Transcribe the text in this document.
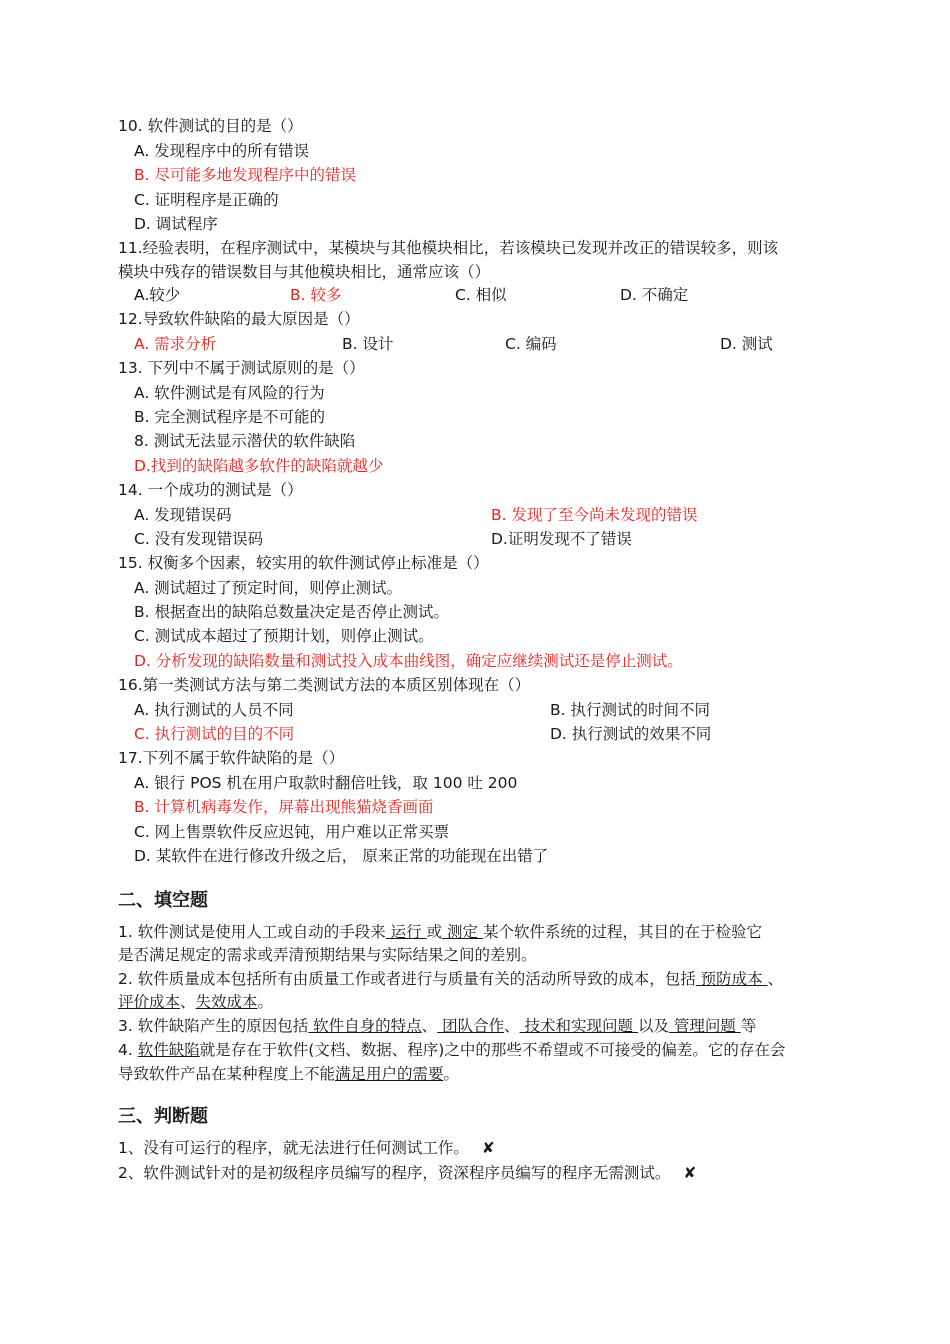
10. 软件测试的目的是（）
A. 发现程序中的所有错误
B. 尽可能多地发现程序中的错误
C. 证明程序是正确的
D. 调试程序
11.经验表明，在程序测试中，某模块与其他模块相比，若该模块已发现并改正的错误较多，则该
模块中残存的错误数目与其他模块相比，通常应该（）
A.较少	B. 较多	C. 相似	D. 不确定
12.导致软件缺陷的最大原因是（）
A. 需求分析	B. 设计	C. 编码	D. 测试
13. 下列中不属于测试原则的是（）
A. 软件测试是有风险的行为
B. 完全测试程序是不可能的
8. 测试无法显示潜伏的软件缺陷
D.找到的缺陷越多软件的缺陷就越少
14. 一个成功的测试是（）
A. 发现错误码	B. 发现了至今尚未发现的错误
C. 没有发现错误码	D.证明发现不了错误
15. 权衡多个因素，较实用的软件测试停止标准是（）
A. 测试超过了预定时间，则停止测试。
B. 根据查出的缺陷总数量决定是否停止测试。
C. 测试成本超过了预期计划，则停止测试。
D. 分析发现的缺陷数量和测试投入成本曲线图，确定应继续测试还是停止测试。
16.第一类测试方法与第二类测试方法的本质区别体现在（）
A. 执行测试的人员不同	B. 执行测试的时间不同
C. 执行测试的目的不同	D. 执行测试的效果不同
17.下列不属于软件缺陷的是（）
A. 银行 POS 机在用户取款时翻倍吐钱，取 100 吐 200
B. 计算机病毒发作，屏幕出现熊猫烧香画面
C. 网上售票软件反应迟钝，用户难以正常买票
D. 某软件在进行修改升级之后， 原来正常的功能现在出错了
二、填空题
1. 软件测试是使用人工或自动的手段来 运行 或 测定 某个软件系统的过程，其目的在于检验它
是否满足规定的需求或弄清预期结果与实际结果之间的差别。
2. 软件质量成本包括所有由质量工作或者进行与质量有关的活动所导致的成本，包括 预防成本 、
评价成本、失效成本。
3. 软件缺陷产生的原因包括 软件自身的特点、 团队合作、 技术和实现问题 以及 管理问题 等
4. 软件缺陷就是存在于软件(文档、数据、程序)之中的那些不希望或不可接受的偏差。它的存在会
导致软件产品在某种程度上不能满足用户的需要。
三、判断题
1、没有可运行的程序，就无法进行任何测试工作。 ✘
2、软件测试针对的是初级程序员编写的程序，资深程序员编写的程序无需测试。 ✘
